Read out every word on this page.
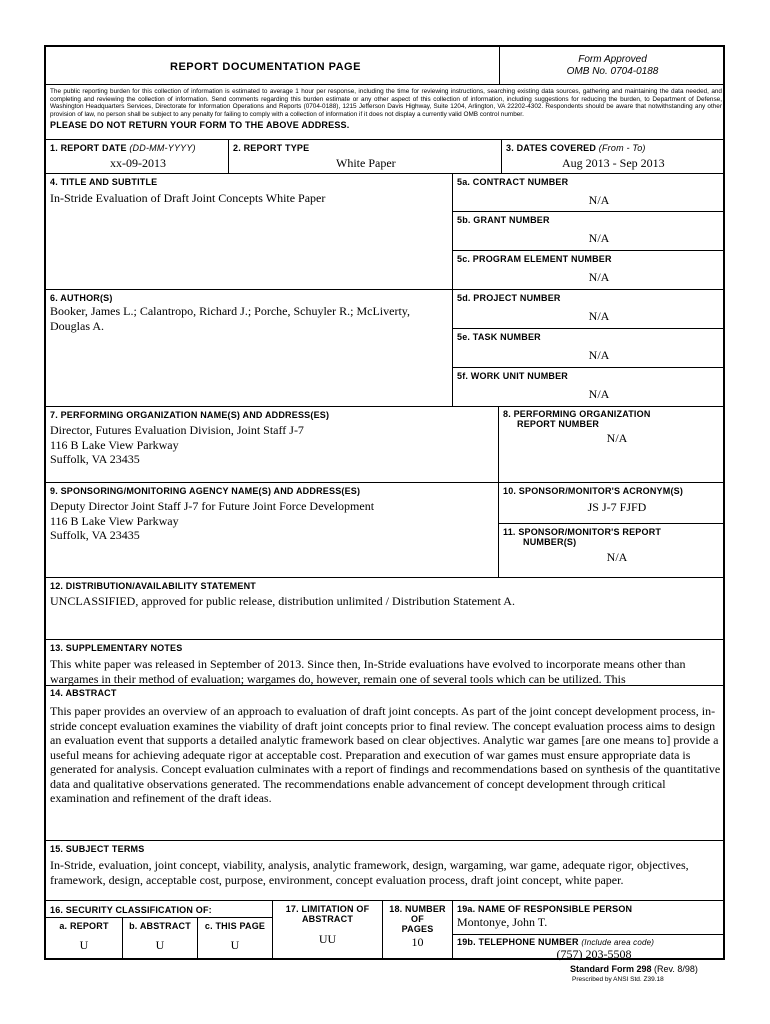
REPORT DOCUMENTATION PAGE
Form Approved
OMB No. 0704-0188
The public reporting burden for this collection of information is estimated to average 1 hour per response, including the time for reviewing instructions, searching existing data sources, gathering and maintaining the data needed, and completing and reviewing the collection of information. Send comments regarding this burden estimate or any other aspect of this collection of information, including suggestions for reducing the burden, to Department of Defense, Washington Headquarters Services, Directorate for Information Operations and Reports (0704-0188), 1215 Jefferson Davis Highway, Suite 1204, Arlington, VA 22202-4302. Respondents should be aware that notwithstanding any other provision of law, no person shall be subject to any penalty for failing to comply with a collection of information if it does not display a currently valid OMB control number.
PLEASE DO NOT RETURN YOUR FORM TO THE ABOVE ADDRESS.
1. REPORT DATE (DD-MM-YYYY)
xx-09-2013
2. REPORT TYPE
White Paper
3. DATES COVERED (From - To)
Aug 2013 - Sep 2013
4. TITLE AND SUBTITLE
In-Stride Evaluation of Draft Joint Concepts White Paper
5a. CONTRACT NUMBER
N/A
5b. GRANT NUMBER
N/A
5c. PROGRAM ELEMENT NUMBER
N/A
6. AUTHOR(S)
Booker, James L.; Calantropo, Richard J.; Porche, Schuyler R.; McLiverty, Douglas A.
5d. PROJECT NUMBER
N/A
5e. TASK NUMBER
N/A
5f. WORK UNIT NUMBER
N/A
7. PERFORMING ORGANIZATION NAME(S) AND ADDRESS(ES)
Director, Futures Evaluation Division, Joint Staff J-7
116 B Lake View Parkway
Suffolk, VA 23435
8. PERFORMING ORGANIZATION
REPORT NUMBER
N/A
9. SPONSORING/MONITORING AGENCY NAME(S) AND ADDRESS(ES)
Deputy Director Joint Staff J-7 for Future Joint Force Development
116 B Lake View Parkway
Suffolk, VA 23435
10. SPONSOR/MONITOR'S ACRONYM(S)
JS J-7 FJFD
11. SPONSOR/MONITOR'S REPORT
NUMBER(S)
N/A
12. DISTRIBUTION/AVAILABILITY STATEMENT
UNCLASSIFIED, approved for public release, distribution unlimited / Distribution Statement A.
13. SUPPLEMENTARY NOTES
This white paper was released in September of 2013. Since then, In-Stride evaluations have evolved to incorporate means other than wargames in their method of evaluation; wargames do, however, remain one of several tools which can be utilized. This
14. ABSTRACT
This paper provides an overview of an approach to evaluation of draft joint concepts. As part of the joint concept development process, in-stride concept evaluation examines the viability of draft joint concepts prior to final review. The concept evaluation process aims to design an evaluation event that supports a detailed analytic framework based on clear objectives. Analytic war games [are one means to] provide a useful means for achieving adequate rigor at acceptable cost. Preparation and execution of war games must ensure appropriate data is generated for analysis. Concept evaluation culminates with a report of findings and recommendations based on synthesis of the quantitative data and qualitative observations generated. The recommendations enable advancement of concept development through critical examination and refinement of the draft ideas.
15. SUBJECT TERMS
In-Stride, evaluation, joint concept, viability, analysis, analytic framework, design, wargaming, war game, adequate rigor, objectives, framework, design, acceptable cost, purpose, environment, concept evaluation process, draft joint concept, white paper.
16. SECURITY CLASSIFICATION OF:
a. REPORT
U
b. ABSTRACT
U
c. THIS PAGE
U
17. LIMITATION OF
ABSTRACT
UU
18. NUMBER
OF
PAGES
10
19a. NAME OF RESPONSIBLE PERSON
Montonye, John T.
19b. TELEPHONE NUMBER (Include area code)
(757) 203-5508
Standard Form 298 (Rev. 8/98)
Prescribed by ANSI Std. Z39.18
